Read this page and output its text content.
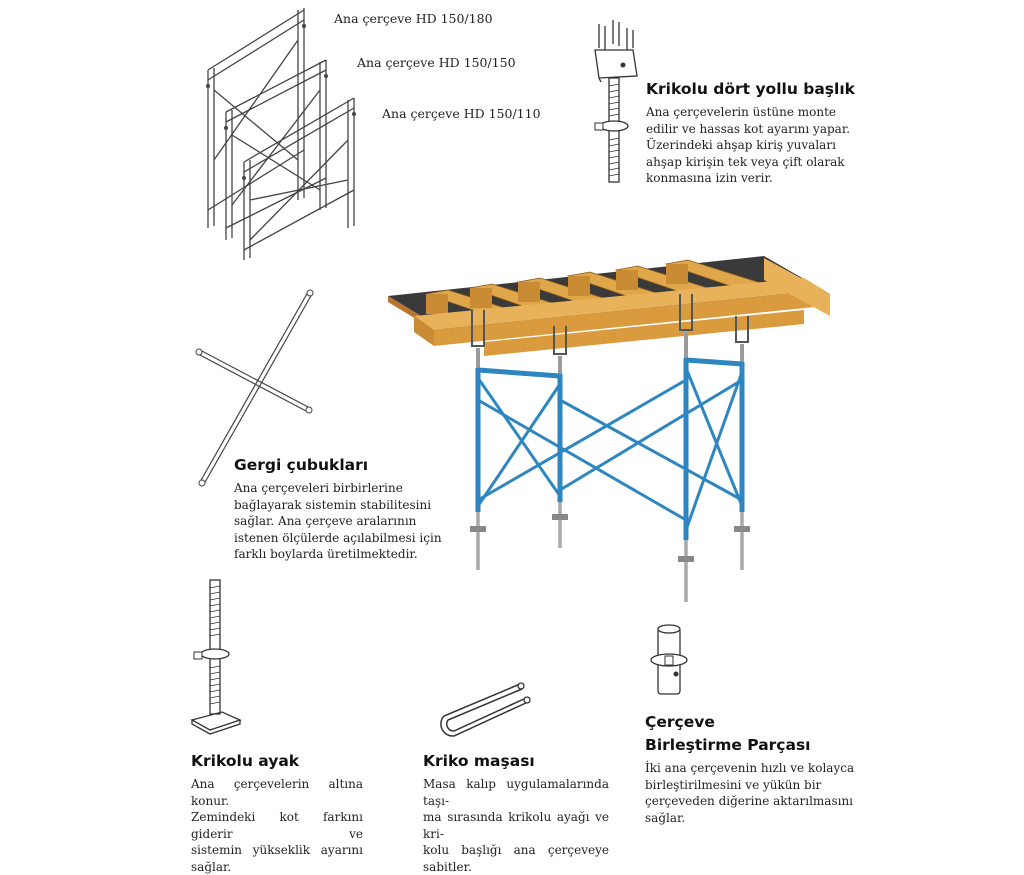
Ana çerçeve HD 150/180
Ana çerçeve HD 150/150
Ana çerçeve HD 150/110
Krikolu dört yollu başlık
Ana çerçevelerin üstüne monte
edilir ve hassas kot ayarını yapar.
Üzerindeki ahşap kiriş yuvaları
ahşap kirişin tek veya çift olarak
konmasına izin verir.
Gergi çubukları
Ana çerçeveleri birbirlerine
bağlayarak sistemin stabilitesini
sağlar. Ana çerçeve aralarının
istenen ölçülerde açılabilmesi için
farklı boylarda üretilmektedir.
Krikolu ayak
Ana çerçevelerin altına konur.
Zemindeki kot farkını giderir ve
sistemin yükseklik ayarını sağlar.
Kriko maşası
Masa kalıp uygulamalarında taşı-
ma sırasında krikolu ayağı ve kri-
kolu başlığı ana çerçeveye sabitler.
Çerçeve
Birleştirme Parçası
İki ana çerçevenin hızlı ve kolayca
birleştirilmesini ve yükün bir
çerçeveden diğerine aktarılmasını
sağlar.
